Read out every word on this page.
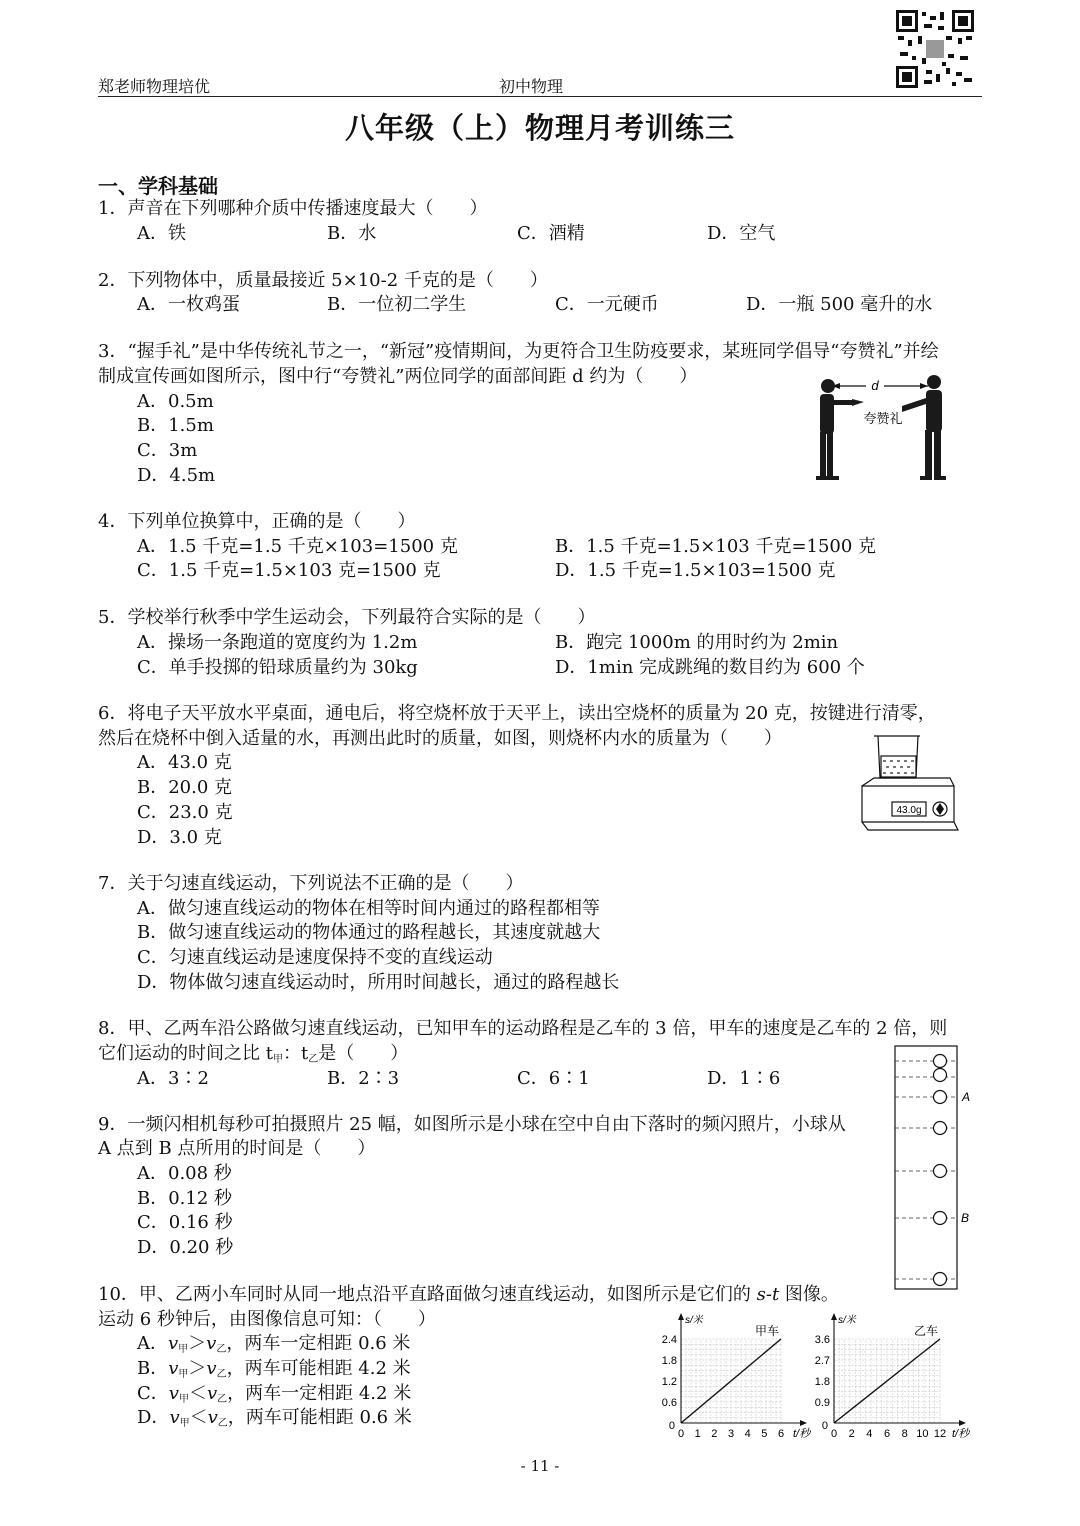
郑老师物理培优	初中物理
八年级（上）物理月考训练三
一、学科基础
1．声音在下列哪种介质中传播速度最大（　　）
A．铁	B．水	C．酒精	D．空气
2．下列物体中，质量最接近 5×10-2 千克的是（　　）
A．一枚鸡蛋	B．一位初二学生	C．一元硬币	D．一瓶 500 毫升的水
3．“握手礼”是中华传统礼节之一，“新冠”疫情期间，为更符合卫生防疫要求，某班同学倡导“夸赞礼”并绘
制成宣传画如图所示，图中行“夸赞礼”两位同学的面部间距 d 约为（　　）
A．0.5m
B．1.5m
C．3m
D．4.5m
d
夸赞礼
4．下列单位换算中，正确的是（　　）
A．1.5 千克=1.5 千克×103=1500 克	B．1.5 千克=1.5×103 千克=1500 克
C．1.5 千克=1.5×103 克=1500 克	D．1.5 千克=1.5×103=1500 克
5．学校举行秋季中学生运动会，下列最符合实际的是（　　）
A．操场一条跑道的宽度约为 1.2m	B．跑完 1000m 的用时约为 2min
C．单手投掷的铅球质量约为 30kg	D．1min 完成跳绳的数目约为 600 个
6．将电子天平放水平桌面，通电后，将空烧杯放于天平上，读出空烧杯的质量为 20 克，按键进行清零，
然后在烧杯中倒入适量的水，再测出此时的质量，如图，则烧杯内水的质量为（　　）
A．43.0 克
B．20.0 克
C．23.0 克
D．3.0 克
43.0g
7．关于匀速直线运动，下列说法不正确的是（　　）
A．做匀速直线运动的物体在相等时间内通过的路程都相等
B．做匀速直线运动的物体通过的路程越长，其速度就越大
C．匀速直线运动是速度保持不变的直线运动
D．物体做匀速直线运动时，所用时间越长，通过的路程越长
8．甲、乙两车沿公路做匀速直线运动，已知甲车的运动路程是乙车的 3 倍，甲车的速度是乙车的 2 倍，则
它们运动的时间之比 $t_甲$：$t_乙$是（　　）
A．3∶2	B．2∶3	C．6∶1	D．1∶6
9．一频闪相机每秒可拍摄照片 25 幅，如图所示是小球在空中自由下落时的频闪照片，小球从
A 点到 B 点所用的时间是（　　）
A．0.08 秒
B．0.12 秒
C．0.16 秒
D．0.20 秒
A
B
10．甲、乙两小车同时从同一地点沿平直路面做匀速直线运动，如图所示是它们的 s-t 图像。
运动 6 秒钟后，由图像信息可知：（　　）
A．$v_甲>v_乙$，两车一定相距 0.6 米
B．$v_甲>v_乙$，两车可能相距 4.2 米
C．$v_甲<v_乙$，两车一定相距 4.2 米
D．$v_甲<v_乙$，两车可能相距 0.6 米
0 1 2 3 4 5 6
0.6
1.2
1.8
2.4
0
t/秒
s/米
甲车
0 2 4 6 8 10 12
0.9
1.8
2.7
3.6
0
t/秒
s/米
乙车
- 11 -
